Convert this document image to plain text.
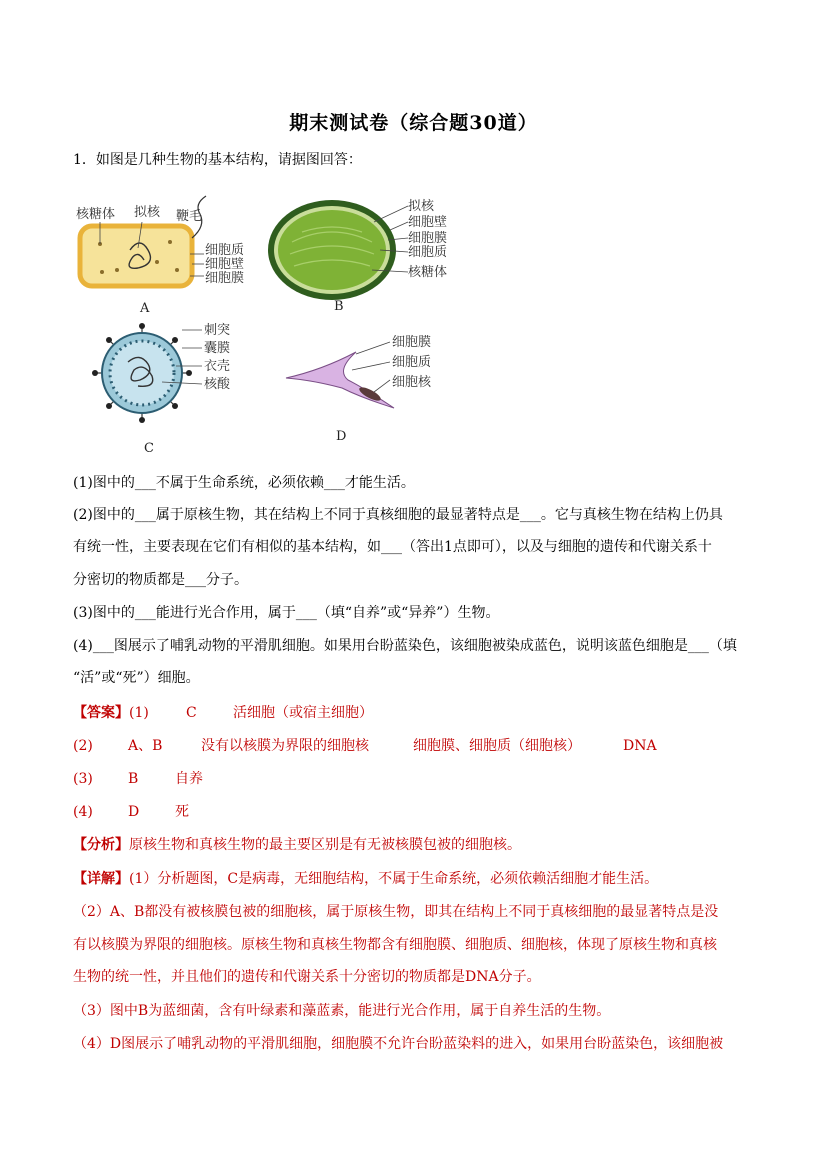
期末测试卷（综合题30道）
1．如图是几种生物的基本结构，请据图回答：
核糖体 拟核 鞭毛
细胞质
细胞壁
细胞膜
A
拟核
细胞壁
细胞膜
细胞质
核糖体
B
刺突
囊膜
衣壳
核酸
C
细胞膜
细胞质
细胞核
D
(1)图中的___不属于生命系统，必须依赖___才能生活。
(2)图中的___属于原核生物，其在结构上不同于真核细胞的最显著特点是___。它与真核生物在结构上仍具
有统一性，主要表现在它们有相似的基本结构，如___（答出1点即可），以及与细胞的遗传和代谢关系十
分密切的物质都是___分子。
(3)图中的___能进行光合作用，属于___（填“自养”或“异养”）生物。
(4)___图展示了哺乳动物的平滑肌细胞。如果用台盼蓝染色，该细胞被染成蓝色，说明该蓝色细胞是___（填
“活”或“死”）细胞。
【答案】(1)	C	活细胞（或宿主细胞）
(2)	A、B	没有以核膜为界限的细胞核	细胞膜、细胞质（细胞核）	DNA
(3)	B	自养
(4)	D	死
【分析】原核生物和真核生物的最主要区别是有无被核膜包被的细胞核。
【详解】(1）分析题图，C是病毒，无细胞结构，不属于生命系统，必须依赖活细胞才能生活。
（2）A、B都没有被核膜包被的细胞核，属于原核生物，即其在结构上不同于真核细胞的最显著特点是没
有以核膜为界限的细胞核。原核生物和真核生物都含有细胞膜、细胞质、细胞核，体现了原核生物和真核
生物的统一性，并且他们的遗传和代谢关系十分密切的物质都是DNA分子。
（3）图中B为蓝细菌，含有叶绿素和藻蓝素，能进行光合作用，属于自养生活的生物。
（4）D图展示了哺乳动物的平滑肌细胞，细胞膜不允许台盼蓝染料的进入，如果用台盼蓝染色，该细胞被
